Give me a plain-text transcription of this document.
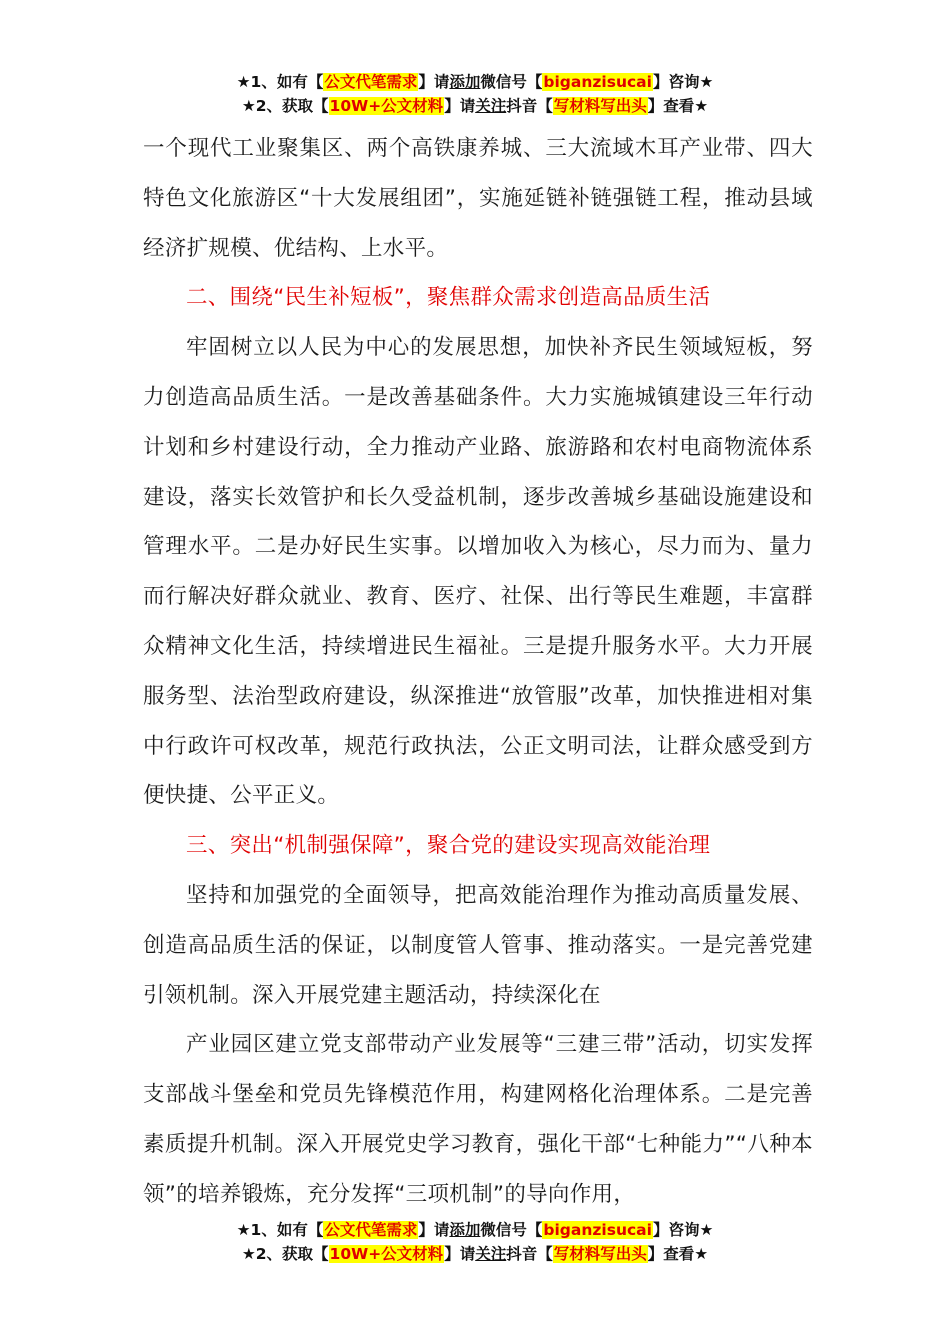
★1、如有【公文代笔需求】请添加微信号【biganzisucai】咨询★
★2、获取【10W+公文材料】请关注抖音【写材料写出头】查看★

一个现代工业聚集区、两个高铁康养城、三大流域木耳产业带、四大特色文化旅游区“十大发展组团”，实施延链补链强链工程，推动县域经济扩规模、优结构、上水平。

二、围绕“民生补短板”，聚焦群众需求创造高品质生活

牢固树立以人民为中心的发展思想，加快补齐民生领域短板，努力创造高品质生活。一是改善基础条件。大力实施城镇建设三年行动计划和乡村建设行动，全力推动产业路、旅游路和农村电商物流体系建设，落实长效管护和长久受益机制，逐步改善城乡基础设施建设和管理水平。二是办好民生实事。以增加收入为核心，尽力而为、量力而行解决好群众就业、教育、医疗、社保、出行等民生难题，丰富群众精神文化生活，持续增进民生福祉。三是提升服务水平。大力开展服务型、法治型政府建设，纵深推进“放管服”改革，加快推进相对集中行政许可权改革，规范行政执法，公正文明司法，让群众感受到方便快捷、公平正义。

三、突出“机制强保障”，聚合党的建设实现高效能治理

坚持和加强党的全面领导，把高效能治理作为推动高质量发展、创造高品质生活的保证，以制度管人管事、推动落实。一是完善党建引领机制。深入开展党建主题活动，持续深化在

产业园区建立党支部带动产业发展等“三建三带”活动，切实发挥支部战斗堡垒和党员先锋模范作用，构建网格化治理体系。二是完善素质提升机制。深入开展党史学习教育，强化干部“七种能力”“八种本领”的培养锻炼，充分发挥“三项机制”的导向作用，

★1、如有【公文代笔需求】请添加微信号【biganzisucai】咨询★
★2、获取【10W+公文材料】请关注抖音【写材料写出头】查看★
